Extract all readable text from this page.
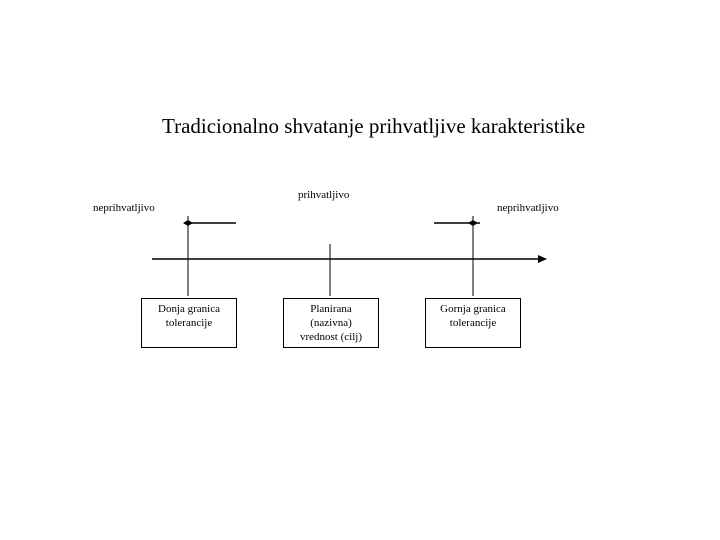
Tradicionalno shvatanje prihvatljive karakteristike
neprihvatljivo
prihvatljivo
neprihvatljivo
Donja granica
tolerancije
Planirana
(nazivna)
vrednost (cilj)
Gornja granica
tolerancije
